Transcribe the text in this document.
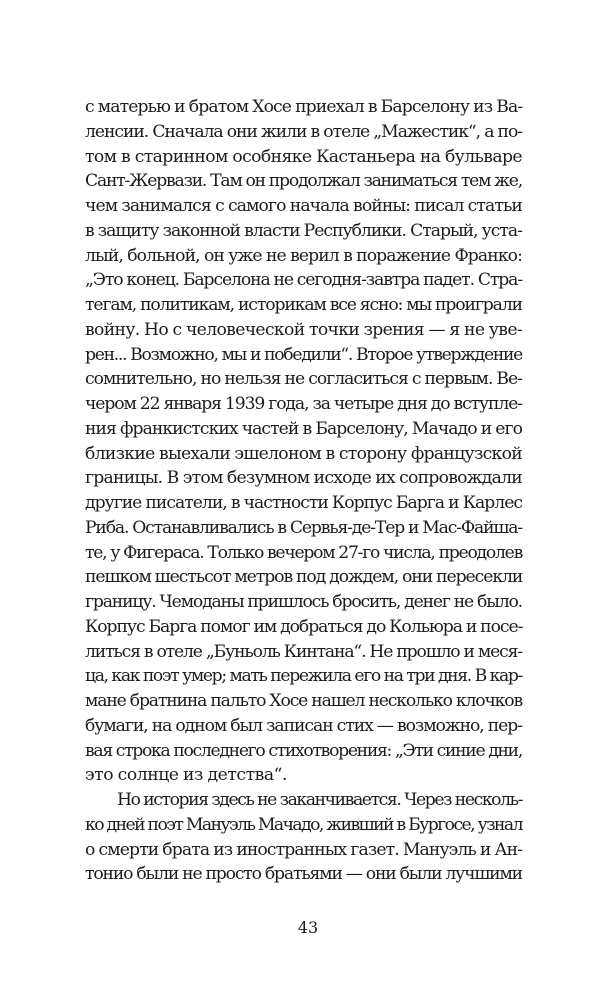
с матерью и братом Хосе приехал в Барселону из Ва-
ленсии. Сначала они жили в отеле „Мажестик“, а по-
том в старинном особняке Кастаньера на бульваре
Сант-Жервази. Там он продолжал заниматься тем же,
чем занимался с самого начала войны: писал статьи
в защиту законной власти Республики. Старый, уста-
лый, больной, он уже не верил в поражение Франко:
„Это конец. Барселона не сегодня-завтра падет. Стра-
тегам, политикам, историкам все ясно: мы проиграли
войну. Но с человеческой точки зрения — я не уве-
рен... Возможно, мы и победили“. Второе утверждение
сомнительно, но нельзя не согласиться с первым. Ве-
чером 22 января 1939 года, за четыре дня до вступле-
ния франкистских частей в Барселону, Мачадо и его
близкие выехали эшелоном в сторону французской
границы. В этом безумном исходе их сопровождали
другие писатели, в частности Корпус Барга и Карлес
Риба. Останавливались в Сервья-де-Тер и Мас-Файша-
те, у Фигераса. Только вечером 27-го числа, преодолев
пешком шестьсот метров под дождем, они пересекли
границу. Чемоданы пришлось бросить, денег не было.
Корпус Барга помог им добраться до Кольюра и посе-
литься в отеле „Буньоль Кинтана“. Не прошло и меся-
ца, как поэт умер; мать пережила его на три дня. В кар-
мане братнина пальто Хосе нашел несколько клочков
бумаги, на одном был записан стих — возможно, пер-
вая строка последнего стихотворения: „Эти синие дни,
это солнце из детства“.
Но история здесь не заканчивается. Через несколь-
ко дней поэт Мануэль Мачадо, живший в Бургосе, узнал
о смерти брата из иностранных газет. Мануэль и Ан-
тонио были не просто братьями — они были лучшими
43
